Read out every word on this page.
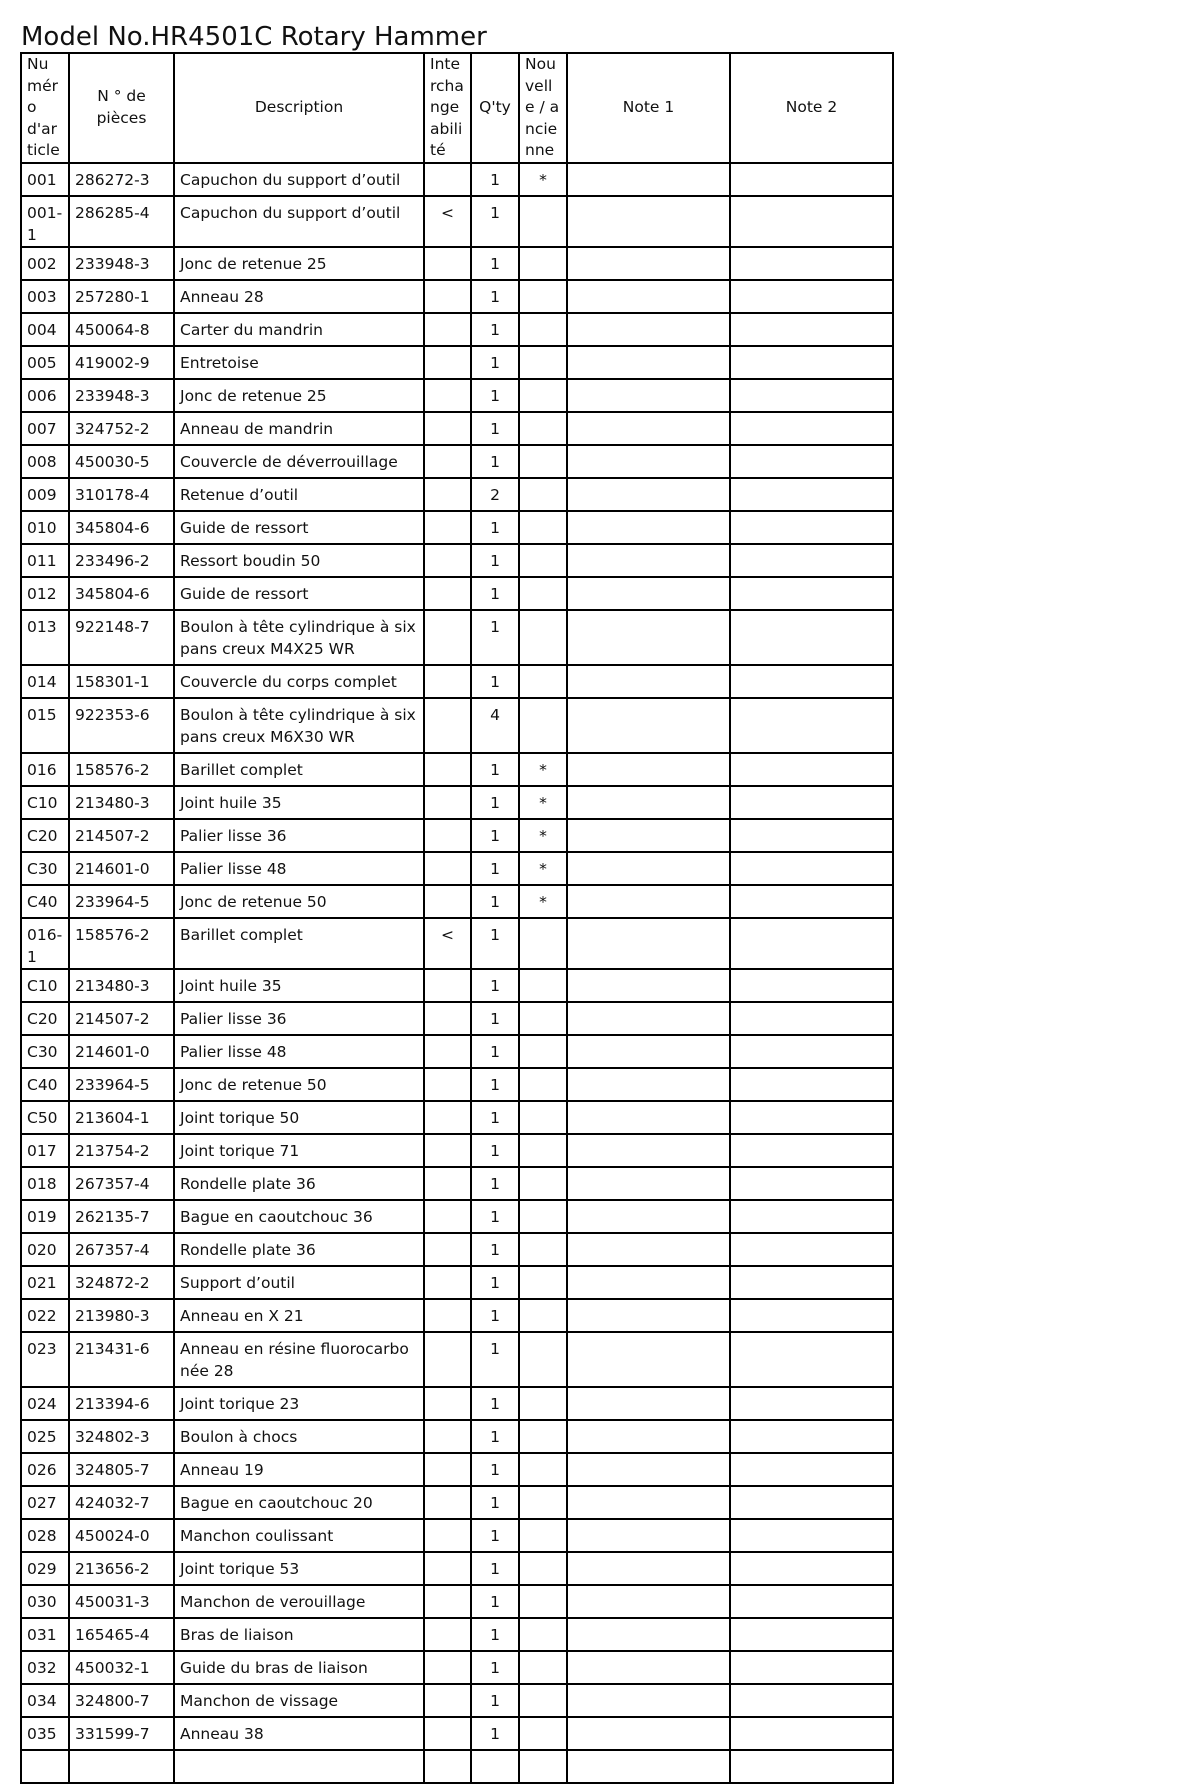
Model No.HR4501C Rotary Hammer
Numéro d'article	N ° de pièces	Description	Interchangeabilité	Q'ty	Nouvelle / ancienne	Note 1	Note 2
001	286272-3	Capuchon du support d’outil		1	*		
001-1	286285-4	Capuchon du support d’outil	<	1			
002	233948-3	Jonc de retenue 25		1			
003	257280-1	Anneau 28		1			
004	450064-8	Carter du mandrin		1			
005	419002-9	Entretoise		1			
006	233948-3	Jonc de retenue 25		1			
007	324752-2	Anneau de mandrin		1			
008	450030-5	Couvercle de déverrouillage		1			
009	310178-4	Retenue d’outil		2			
010	345804-6	Guide de ressort		1			
011	233496-2	Ressort boudin 50		1			
012	345804-6	Guide de ressort		1			
013	922148-7	Boulon à tête cylindrique à six pans creux M4X25 WR		1			
014	158301-1	Couvercle du corps complet		1			
015	922353-6	Boulon à tête cylindrique à six pans creux M6X30 WR		4			
016	158576-2	Barillet complet		1	*		
C10	213480-3	Joint huile 35		1	*		
C20	214507-2	Palier lisse 36		1	*		
C30	214601-0	Palier lisse 48		1	*		
C40	233964-5	Jonc de retenue 50		1	*		
016-1	158576-2	Barillet complet	<	1			
C10	213480-3	Joint huile 35		1			
C20	214507-2	Palier lisse 36		1			
C30	214601-0	Palier lisse 48		1			
C40	233964-5	Jonc de retenue 50		1			
C50	213604-1	Joint torique 50		1			
017	213754-2	Joint torique 71		1			
018	267357-4	Rondelle plate 36		1			
019	262135-7	Bague en caoutchouc 36		1			
020	267357-4	Rondelle plate 36		1			
021	324872-2	Support d’outil		1			
022	213980-3	Anneau en X 21		1			
023	213431-6	Anneau en résine fluorocarbonée 28		1			
024	213394-6	Joint torique 23		1			
025	324802-3	Boulon à chocs		1			
026	324805-7	Anneau 19		1			
027	424032-7	Bague en caoutchouc 20		1			
028	450024-0	Manchon coulissant		1			
029	213656-2	Joint torique 53		1			
030	450031-3	Manchon de verouillage		1			
031	165465-4	Bras de liaison		1			
032	450032-1	Guide du bras de liaison		1			
034	324800-7	Manchon de vissage		1			
035	331599-7	Anneau 38		1			
